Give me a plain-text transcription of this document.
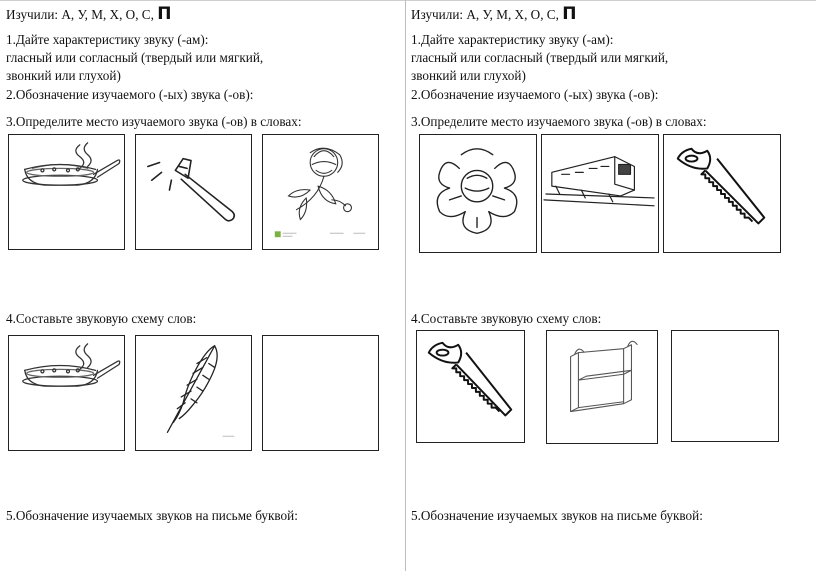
Изучили: А, У, М, Х, О, С, П
1.Дайте характеристику звуку (-ам):
гласный или согласный (твердый или мягкий,
звонкий или глухой)
2.Обозначение изучаемого (-ых) звука (-ов):
3.Определите место изучаемого звука (-ов) в словах:
4.Составьте звуковую схему слов:
5.Обозначение изучаемых звуков на письме буквой:
Изучили: А, У, М, Х, О, С, П
1.Дайте характеристику звуку (-ам):
гласный или согласный (твердый или мягкий,
звонкий или глухой)
2.Обозначение изучаемого (-ых) звука (-ов):
3.Определите место изучаемого звука (-ов) в словах:
4.Составьте звуковую схему слов:
5.Обозначение изучаемых звуков на письме буквой:
